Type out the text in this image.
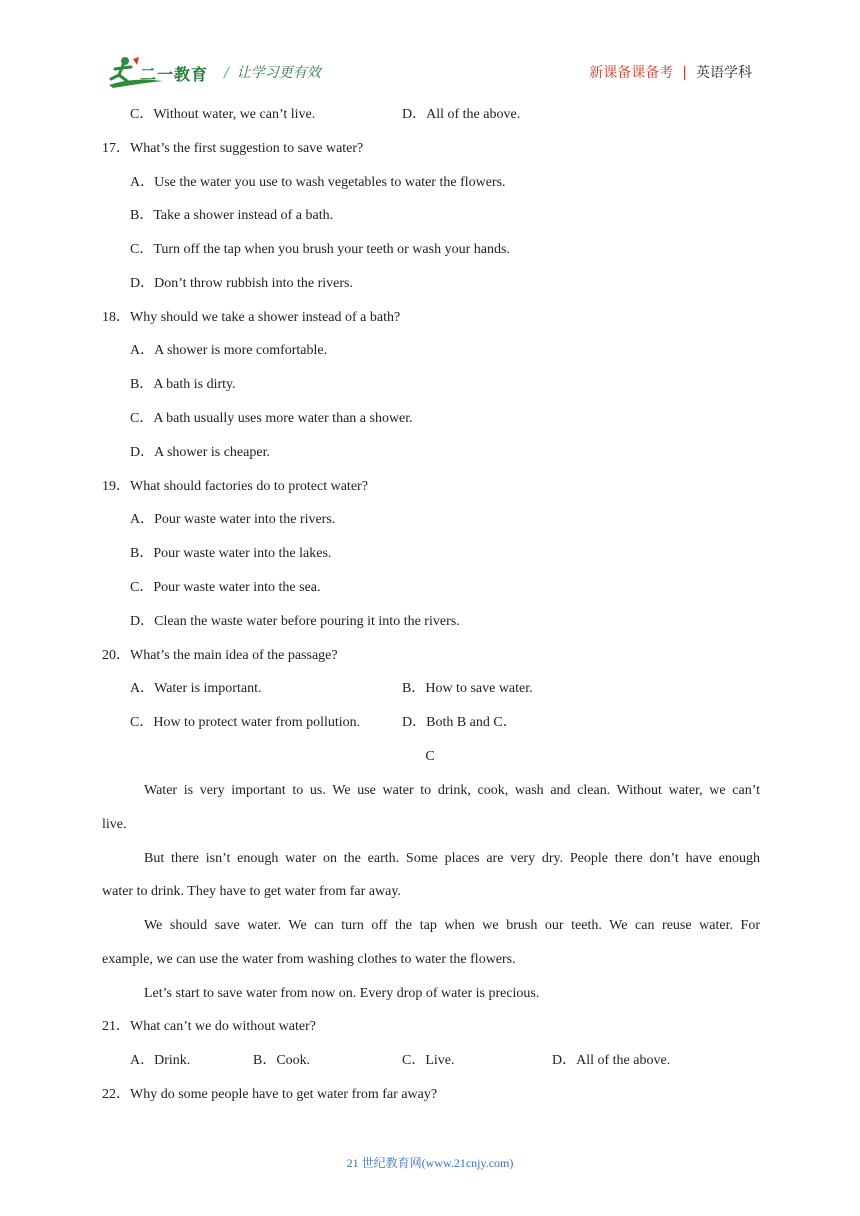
二一教育 / 让学习更有效	新课备课备考 | 英语学科
C．Without water, we can’t live.	D．All of the above.
17．What’s the first suggestion to save water?
A．Use the water you use to wash vegetables to water the flowers.
B．Take a shower instead of a bath.
C．Turn off the tap when you brush your teeth or wash your hands.
D．Don’t throw rubbish into the rivers.
18．Why should we take a shower instead of a bath?
A．A shower is more comfortable.
B．A bath is dirty.
C．A bath usually uses more water than a shower.
D．A shower is cheaper.
19．What should factories do to protect water?
A．Pour waste water into the rivers.
B．Pour waste water into the lakes.
C．Pour waste water into the sea.
D．Clean the waste water before pouring it into the rivers.
20．What’s the main idea of the passage?
A．Water is important.	B．How to save water.
C．How to protect water from pollution.	D．Both B and C．
C
Water is very important to us. We use water to drink, cook, wash and clean. Without water, we can’t
live.
But there isn’t enough water on the earth. Some places are very dry. People there don’t have enough
water to drink. They have to get water from far away.
We should save water. We can turn off the tap when we brush our teeth. We can reuse water. For
example, we can use the water from washing clothes to water the flowers.
Let’s start to save water from now on. Every drop of water is precious.
21．What can’t we do without water?
A．Drink.	B．Cook.	C．Live.	D．All of the above.
22．Why do some people have to get water from far away?
21 世纪教育网(www.21cnjy.com)
